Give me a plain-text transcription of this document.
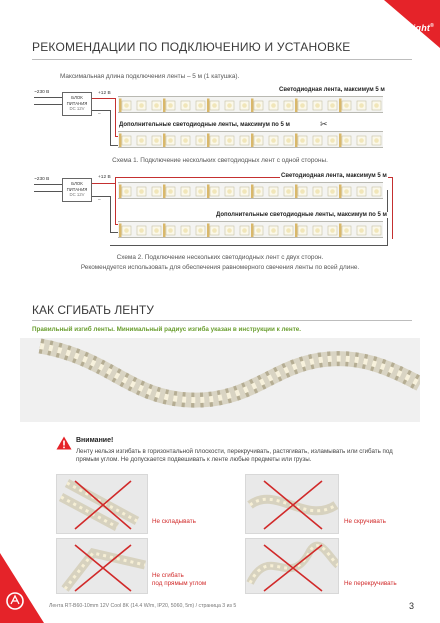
arlight®
РЕКОМЕНДАЦИИ ПО ПОДКЛЮЧЕНИЮ И УСТАНОВКЕ
Максимальная длина подключения ленты – 5 м (1 катушка).
~230 В
БЛОК
ПИТАНИЯ
DC 12V
+12 В
–
Светодиодная лента, максимум 5 м
Дополнительные светодиодные ленты, максимум по 5 м	✂
Схема 1. Подключение нескольких светодиодных лент с одной стороны.
~230 В
БЛОК
ПИТАНИЯ
DC 12V
+12 В
–
Светодиодная лента, максимум 5 м
Дополнительные светодиодные ленты, максимум по 5 м
Схема 2. Подключение нескольких светодиодных лент с двух сторон.
Рекомендуется использовать для обеспечения равномерного свечения ленты по всей длине.
КАК СГИБАТЬ ЛЕНТУ
Правильный изгиб ленты. Минимальный радиус изгиба указан в инструкции к ленте.
Внимание!
Ленту нельзя изгибать в горизонтальной плоскости, перекручивать, растягивать, изламывать или сгибать под прямым углом. Не допускается подвешивать к ленте любые предметы или грузы.
Не складывать	Не скручивать
Не сгибать
под прямым углом	Не перекручивать
Лента RT-B60-10mm 12V Cool 8K (14.4 W/m, IP20, 5060, 5m) / страница 3 из 5	3
